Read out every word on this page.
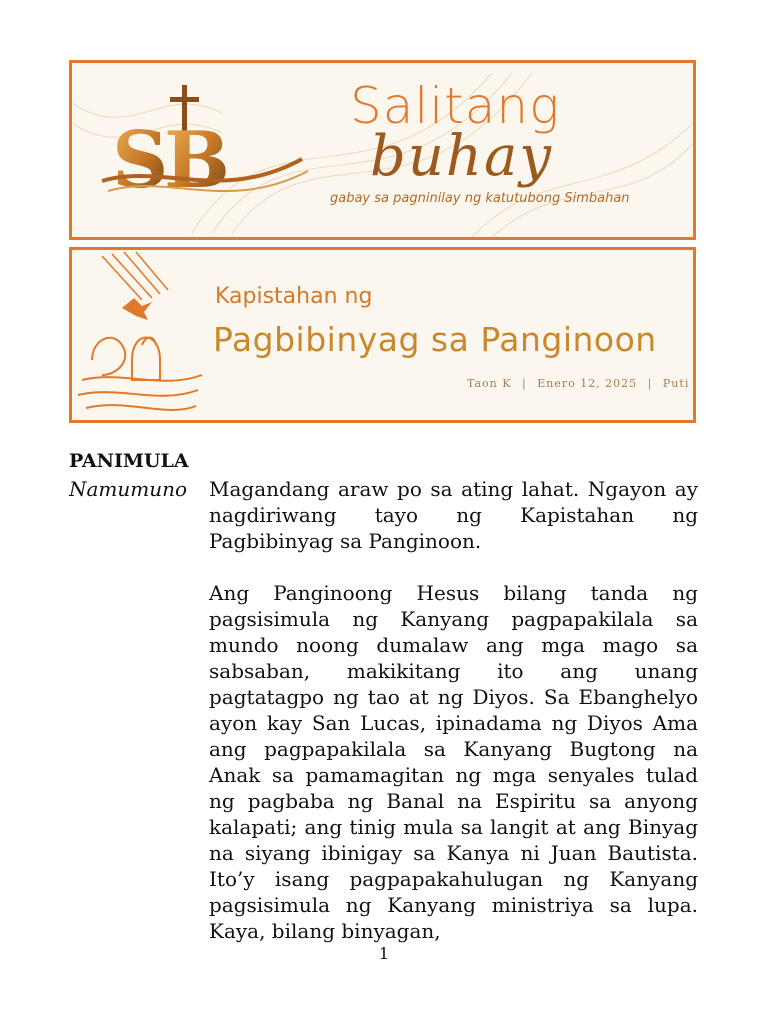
S
B
Salitang
buhay
gabay sa pagninilay ng katutubong Simbahan
Kapistahan ng
Pagbibinyag sa Panginoon
Taon K | Enero 12, 2025 | Puti
PANIMULA
Namumuno Magandang araw po sa ating lahat. Ngayon ay nagdiriwang tayo ng Kapistahan ng Pagbibinyag sa Panginoon.

Ang Panginoong Hesus bilang tanda ng pagsisimula ng Kanyang pagpapakilala sa mundo noong dumalaw ang mga mago sa sabsaban, makikitang ito ang unang pagtatagpo ng tao at ng Diyos. Sa Ebanghelyo ayon kay San Lucas, ipinadama ng Diyos Ama ang pagpapakilala sa Kanyang Bugtong na Anak sa pamamagitan ng mga senyales tulad ng pagbaba ng Banal na Espiritu sa anyong kalapati; ang tinig mula sa langit at ang Binyag na siyang ibinigay sa Kanya ni Juan Bautista. Ito’y isang pagpapakahulugan ng Kanyang pagsisimula ng Kanyang ministriya sa lupa. Kaya, bilang binyagan,

1
